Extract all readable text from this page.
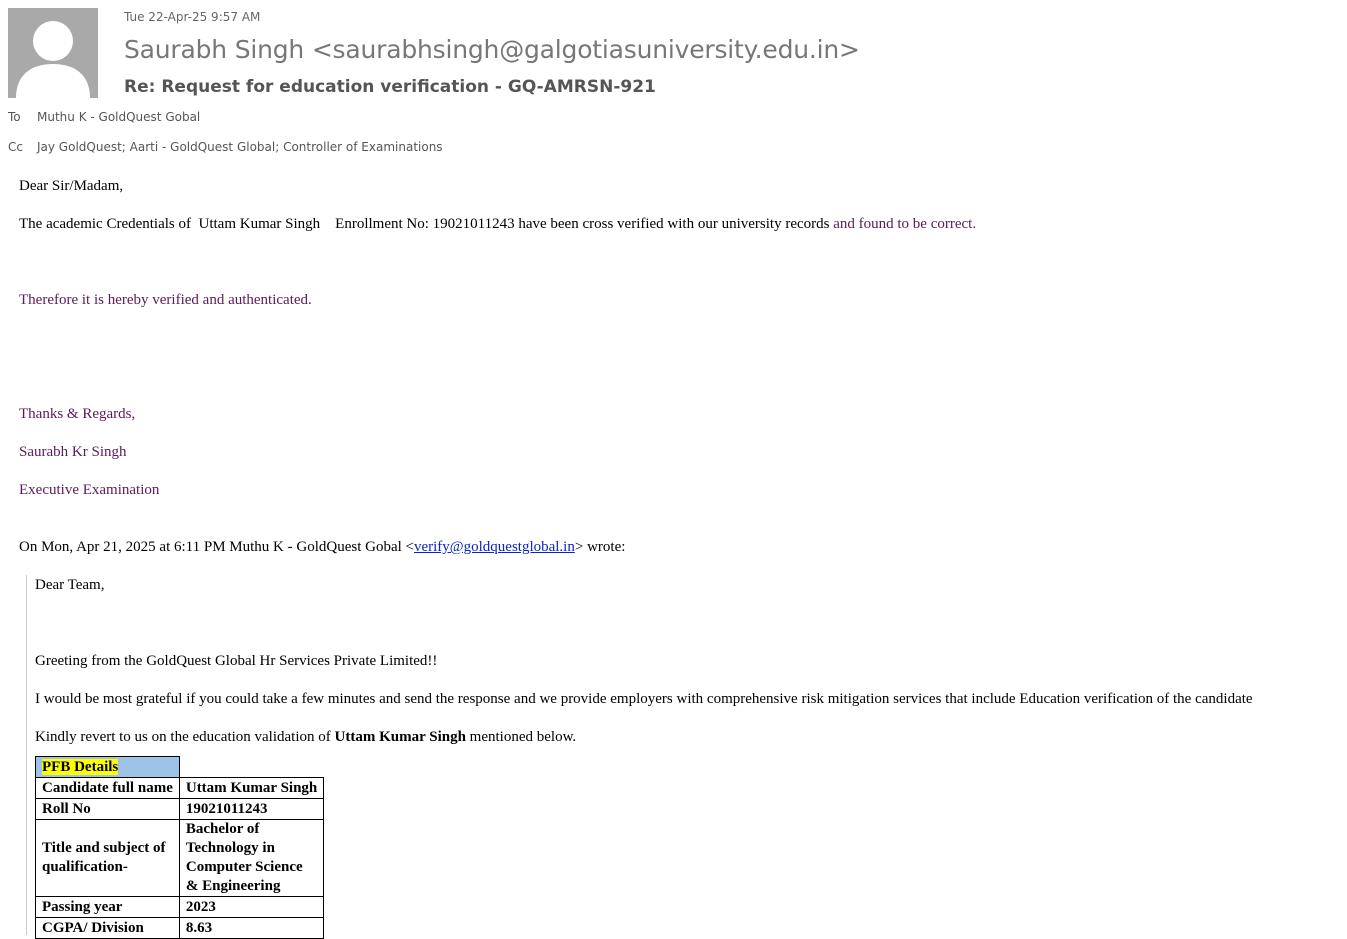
Tue 22-Apr-25 9:57 AM
Saurabh Singh <saurabhsingh@galgotiasuniversity.edu.in>
Re: Request for education verification - GQ-AMRSN-921
To Muthu K - GoldQuest Gobal
Cc Jay GoldQuest; Aarti - GoldQuest Global; Controller of Examinations
Dear Sir/Madam,
The academic Credentials of  Uttam Kumar Singh    Enrollment No: 19021011243 have been cross verified with our university records and found to be correct.
Therefore it is hereby verified and authenticated.
Thanks & Regards,
Saurabh Kr Singh
Executive Examination
On Mon, Apr 21, 2025 at 6:11 PM Muthu K - GoldQuest Gobal <verify@goldquestglobal.in> wrote:
Dear Team,
Greeting from the GoldQuest Global Hr Services Private Limited!!
I would be most grateful if you could take a few minutes and send the response and we provide employers with comprehensive risk mitigation services that include Education verification of the candidate
Kindly revert to us on the education validation of Uttam Kumar Singh mentioned below.
PFB Details	
Candidate full name	Uttam Kumar Singh
Roll No	19021011243
Title and subject of qualification-	Bachelor of Technology in Computer Science & Engineering
Passing year	2023
CGPA/ Division	8.63
